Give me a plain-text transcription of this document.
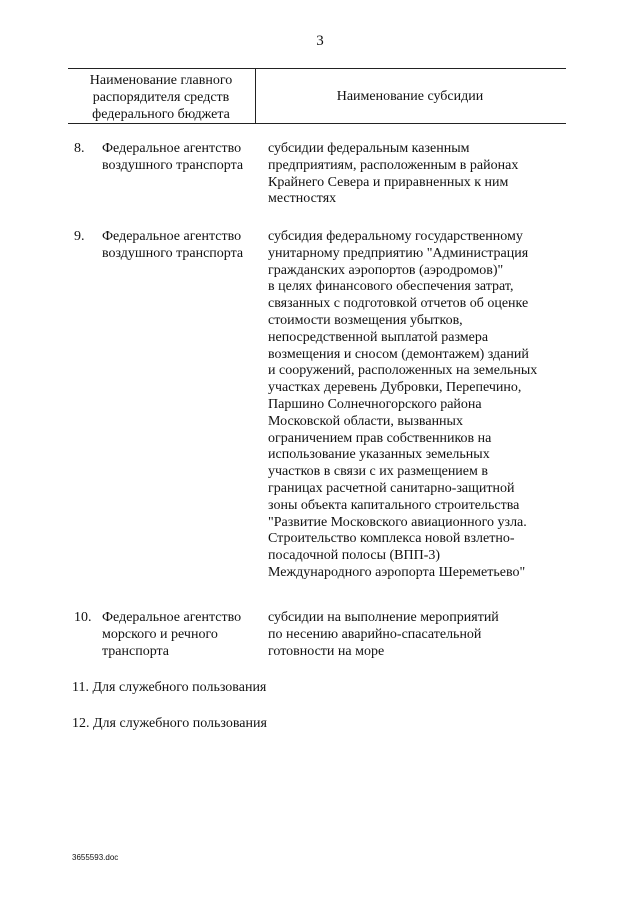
3
Наименование главного
распорядителя средств
федерального бюджета
Наименование субсидии
8.	Федеральное агентство
воздушного транспорта
субсидии федеральным казенным
предприятиям, расположенным в районах
Крайнего Севера и приравненных к ним
местностях
9.	Федеральное агентство
воздушного транспорта
субсидия федеральному государственному
унитарному предприятию "Администрация
гражданских аэропортов (аэродромов)"
в целях финансового обеспечения затрат,
связанных с подготовкой отчетов об оценке
стоимости возмещения убытков,
непосредственной выплатой размера
возмещения и сносом (демонтажем) зданий
и сооружений, расположенных на земельных
участках деревень Дубровки, Перепечино,
Паршино Солнечногорского района
Московской области, вызванных
ограничением прав собственников на
использование указанных земельных
участков в связи с их размещением в
границах расчетной санитарно-защитной
зоны объекта капитального строительства
"Развитие Московского авиационного узла.
Строительство комплекса новой взлетно-
посадочной полосы (ВПП-3)
Международного аэропорта Шереметьево"
10. Федеральное агентство
морского и речного
транспорта
субсидии на выполнение мероприятий
по несению аварийно-спасательной
готовности на море
11. Для служебного пользования
12. Для служебного пользования
3655593.doc
